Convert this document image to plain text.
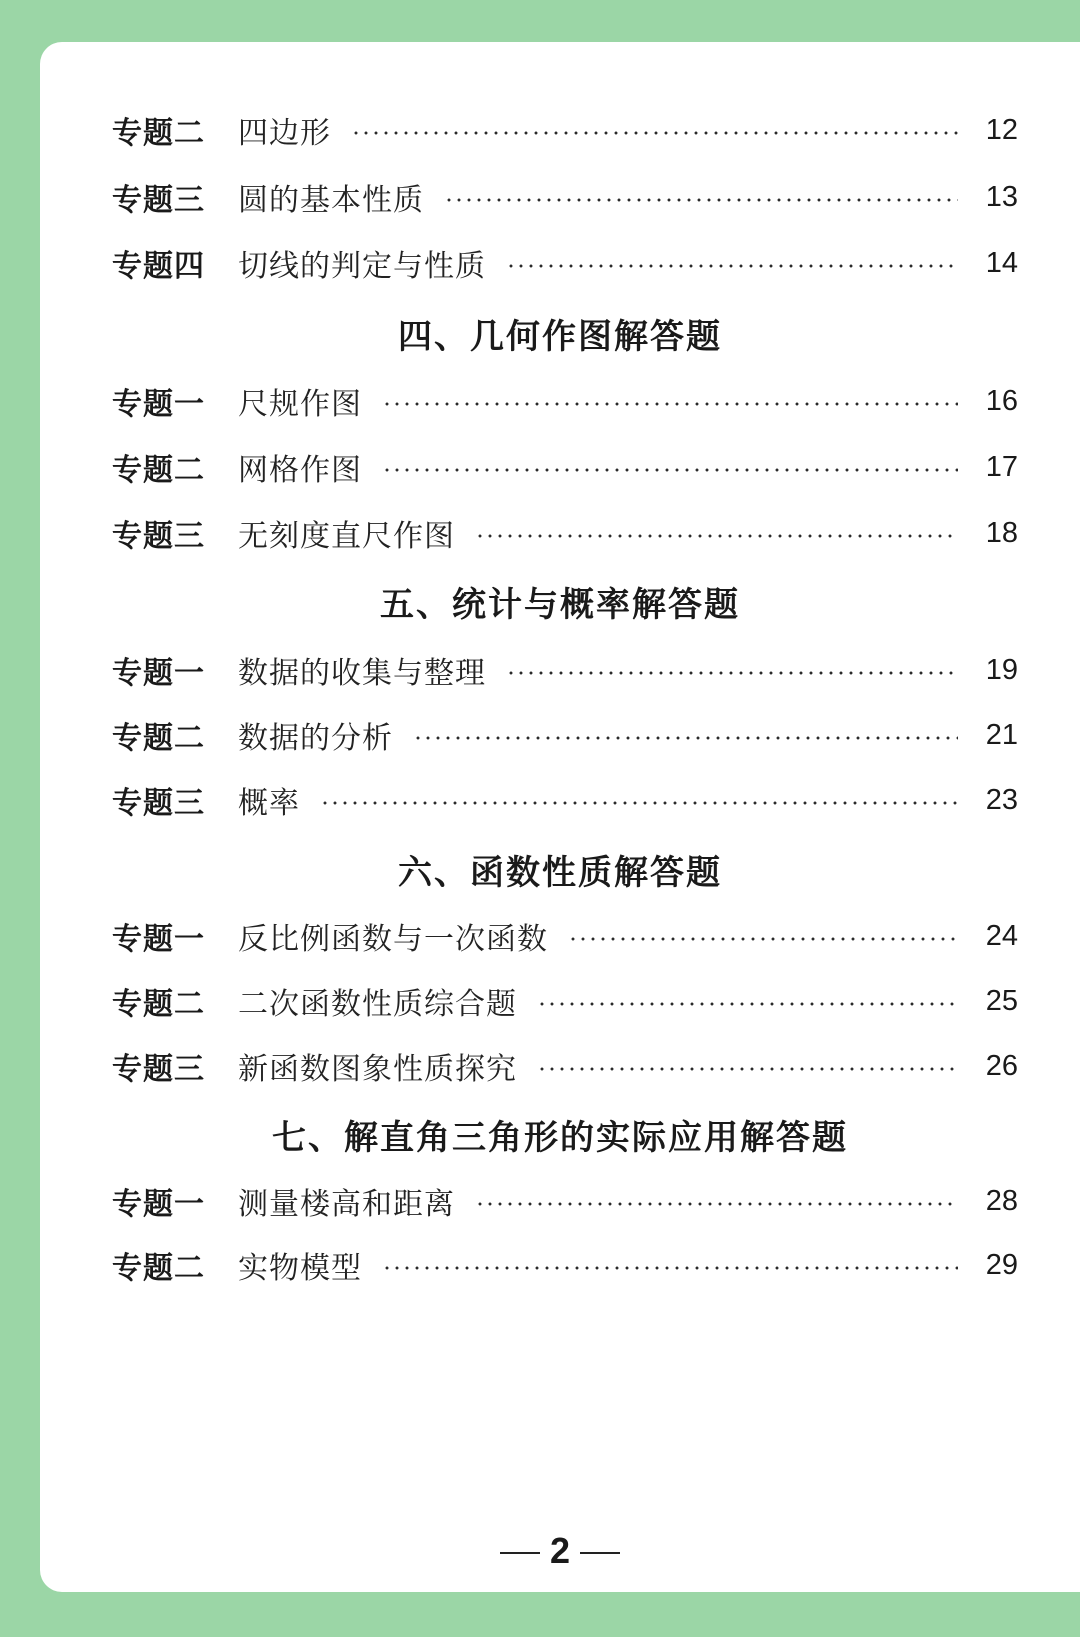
专题二	四边形	12
专题三	圆的基本性质	13
专题四	切线的判定与性质	14
四、几何作图解答题
专题一	尺规作图	16
专题二	网格作图	17
专题三	无刻度直尺作图	18
五、统计与概率解答题
专题一	数据的收集与整理	19
专题二	数据的分析	21
专题三	概率	23
六、函数性质解答题
专题一	反比例函数与一次函数	24
专题二	二次函数性质综合题	25
专题三	新函数图象性质探究	26
七、解直角三角形的实际应用解答题
专题一	测量楼高和距离	28
专题二	实物模型	29
2
